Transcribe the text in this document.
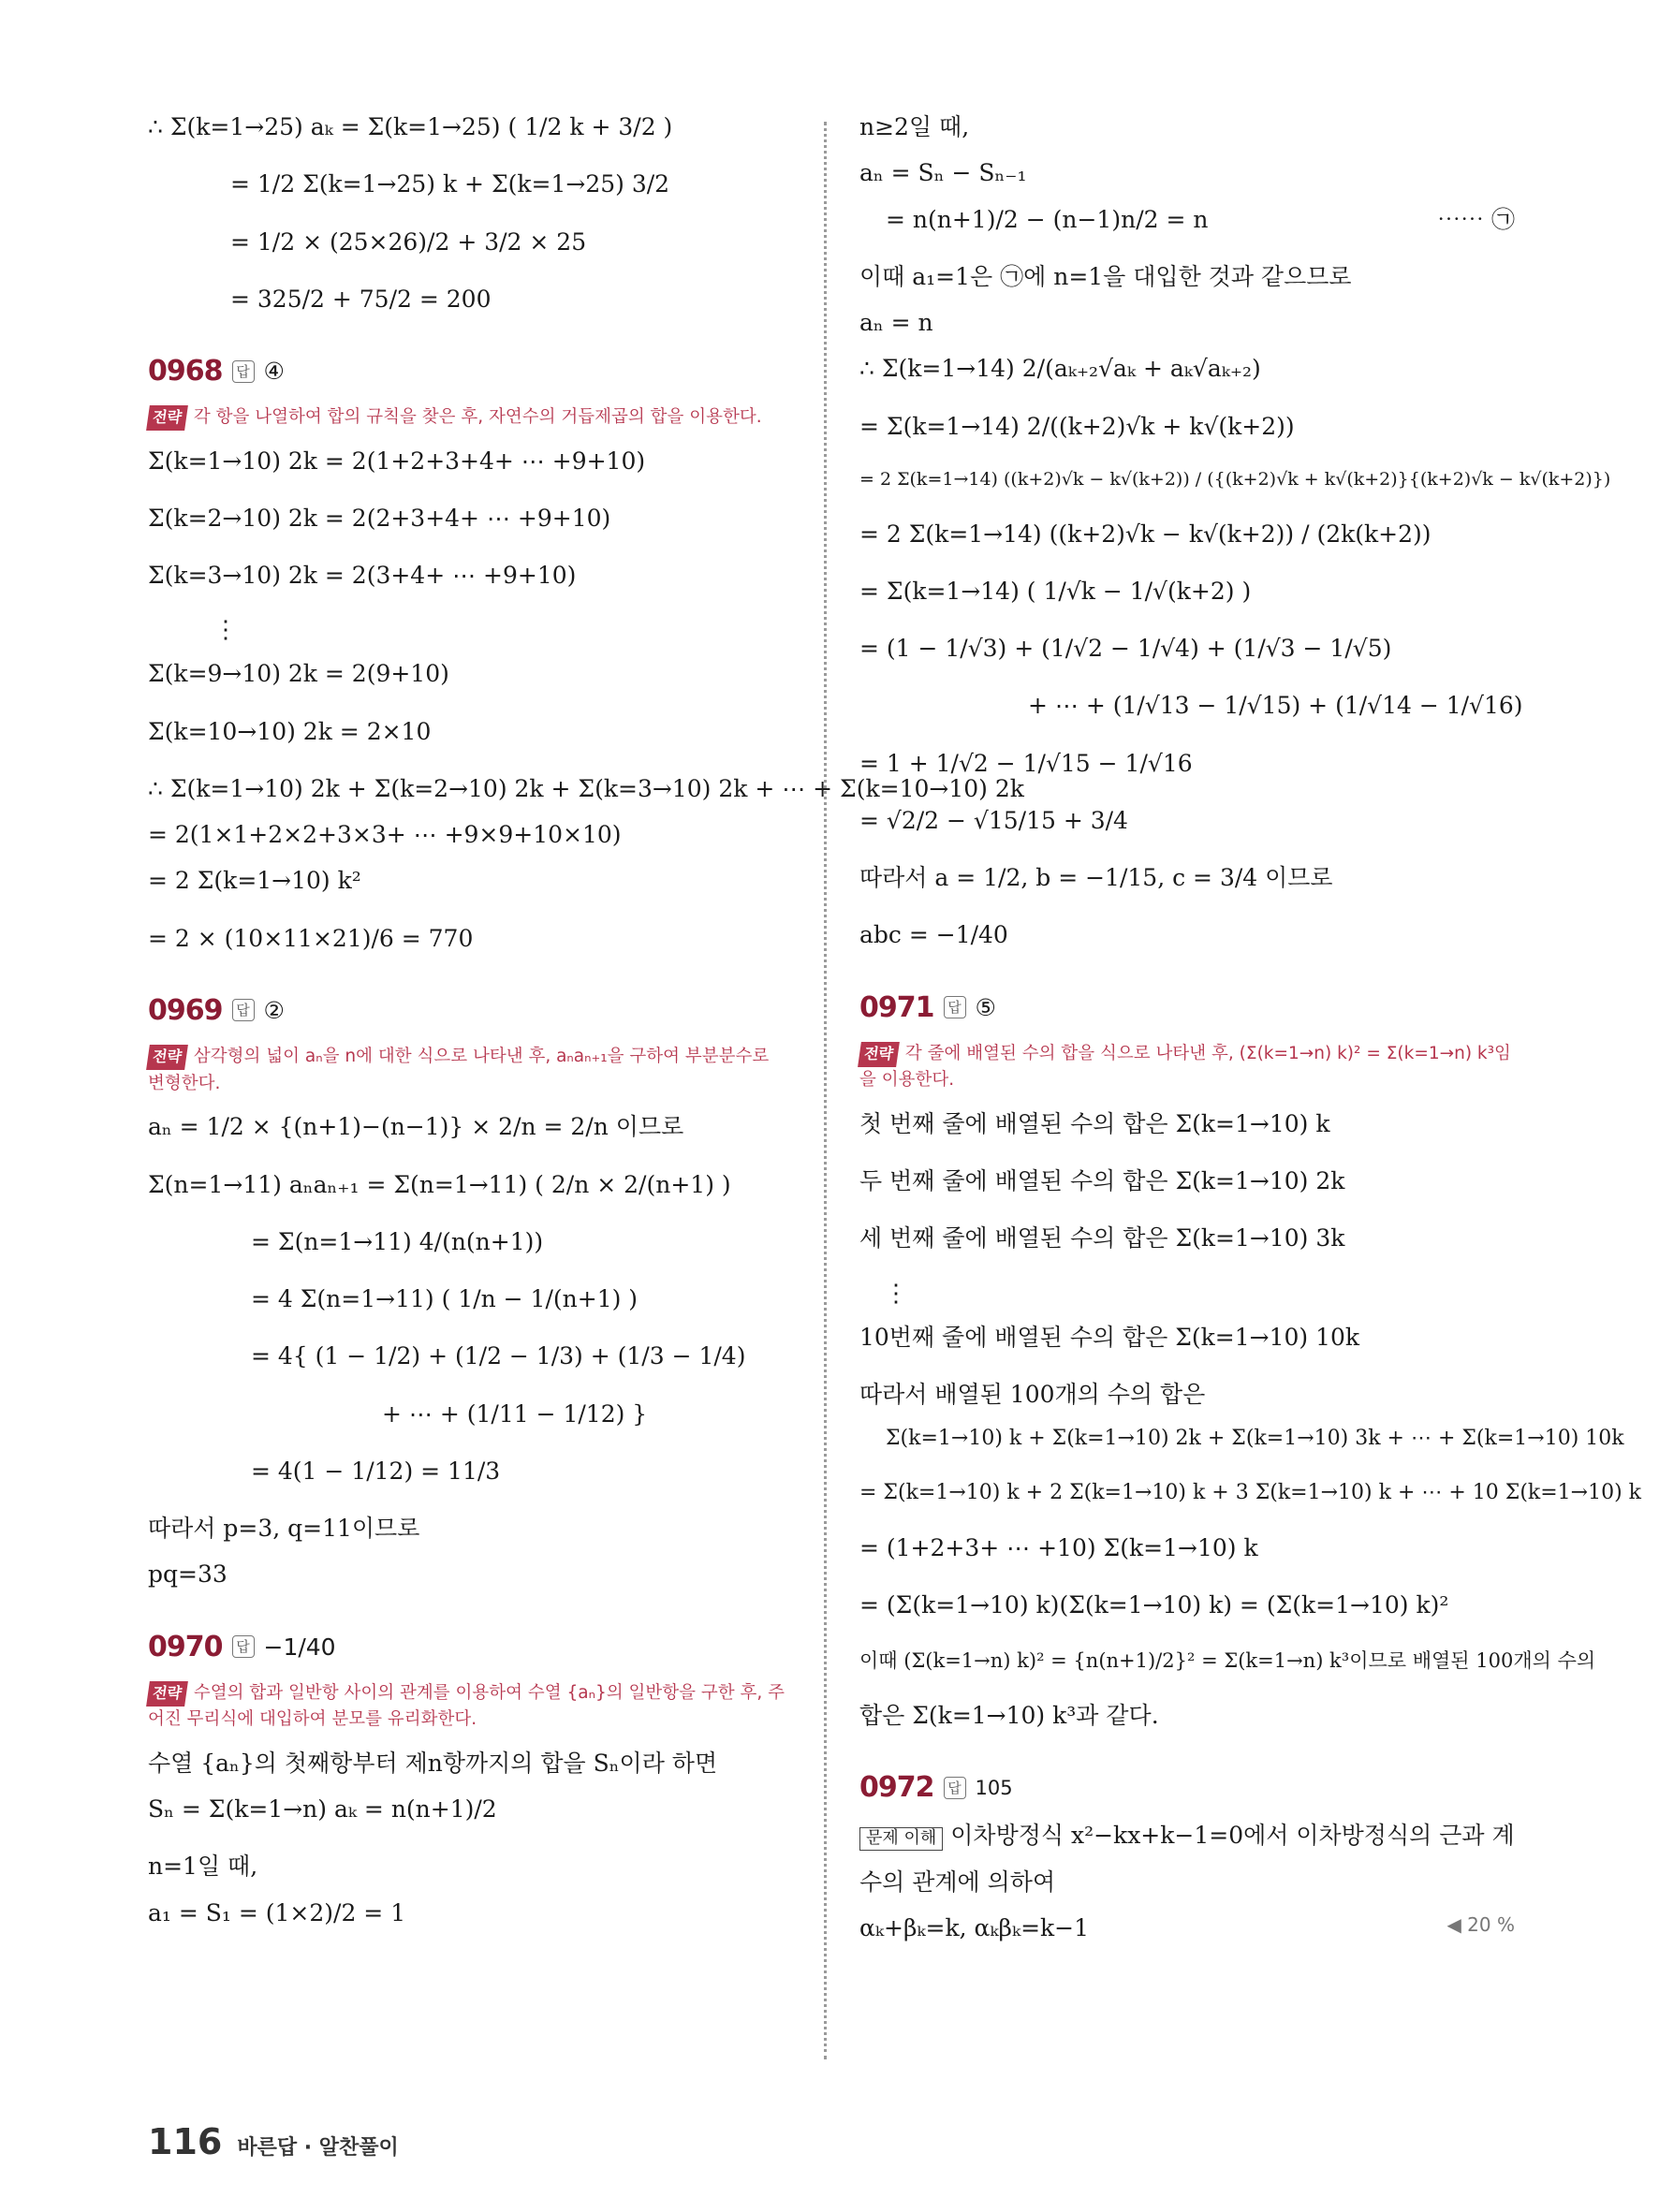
∴ Σ(k=1→25) aₖ = Σ(k=1→25) ( 1/2 k + 3/2 )
= 1/2 Σ(k=1→25) k + Σ(k=1→25) 3/2
= 1/2 × (25×26)/2 + 3/2 × 25
= 325/2 + 75/2 = 200
0968 답 ④
전략 각 항을 나열하여 합의 규칙을 찾은 후, 자연수의 거듭제곱의 합을 이용한다.
Σ(k=1→10) 2k = 2(1+2+3+4+ ⋯ +9+10)
Σ(k=2→10) 2k = 2(2+3+4+ ⋯ +9+10)
Σ(k=3→10) 2k = 2(3+4+ ⋯ +9+10)
⋮
Σ(k=9→10) 2k = 2(9+10)
Σ(k=10→10) 2k = 2×10
∴ Σ(k=1→10) 2k + Σ(k=2→10) 2k + Σ(k=3→10) 2k + ⋯ + Σ(k=10→10) 2k
= 2(1×1+2×2+3×3+ ⋯ +9×9+10×10)
= 2 Σ(k=1→10) k²
= 2 × (10×11×21)/6 = 770
0969 답 ②
전략 삼각형의 넓이 aₙ을 n에 대한 식으로 나타낸 후, aₙaₙ₊₁을 구하여 부분분수로 변형한다.
aₙ = 1/2 × {(n+1)−(n−1)} × 2/n = 2/n 이므로
Σ(n=1→11) aₙaₙ₊₁ = Σ(n=1→11) ( 2/n × 2/(n+1) )
= Σ(n=1→11) 4/(n(n+1))
= 4 Σ(n=1→11) ( 1/n − 1/(n+1) )
= 4{ (1 − 1/2) + (1/2 − 1/3) + (1/3 − 1/4)
+ ⋯ + (1/11 − 1/12) }
= 4(1 − 1/12) = 11/3
따라서 p=3, q=11이므로
pq=33
0970 답 −1/40
전략 수열의 합과 일반항 사이의 관계를 이용하여 수열 {aₙ}의 일반항을 구한 후, 주어진 무리식에 대입하여 분모를 유리화한다.
수열 {aₙ}의 첫째항부터 제n항까지의 합을 Sₙ이라 하면
Sₙ = Σ(k=1→n) aₖ = n(n+1)/2
n=1일 때,
a₁ = S₁ = (1×2)/2 = 1
n≥2일 때,
aₙ = Sₙ − Sₙ₋₁
= n(n+1)/2 − (n−1)n/2 = n	⋯⋯ ㉠
이때 a₁=1은 ㉠에 n=1을 대입한 것과 같으므로
aₙ = n
∴ Σ(k=1→14) 2/(aₖ₊₂√aₖ + aₖ√aₖ₊₂)
= Σ(k=1→14) 2/((k+2)√k + k√(k+2))
= 2 Σ(k=1→14) ((k+2)√k − k√(k+2)) / ({(k+2)√k + k√(k+2)}{(k+2)√k − k√(k+2)})
= 2 Σ(k=1→14) ((k+2)√k − k√(k+2)) / (2k(k+2))
= Σ(k=1→14) ( 1/√k − 1/√(k+2) )
= (1 − 1/√3) + (1/√2 − 1/√4) + (1/√3 − 1/√5)
+ ⋯ + (1/√13 − 1/√15) + (1/√14 − 1/√16)
= 1 + 1/√2 − 1/√15 − 1/√16
= √2/2 − √15/15 + 3/4
따라서 a = 1/2, b = −1/15, c = 3/4 이므로
abc = −1/40
0971 답 ⑤
전략 각 줄에 배열된 수의 합을 식으로 나타낸 후, (Σ(k=1→n) k)² = Σ(k=1→n) k³임을 이용한다.
첫 번째 줄에 배열된 수의 합은 Σ(k=1→10) k
두 번째 줄에 배열된 수의 합은 Σ(k=1→10) 2k
세 번째 줄에 배열된 수의 합은 Σ(k=1→10) 3k
⋮
10번째 줄에 배열된 수의 합은 Σ(k=1→10) 10k
따라서 배열된 100개의 수의 합은
Σ(k=1→10) k + Σ(k=1→10) 2k + Σ(k=1→10) 3k + ⋯ + Σ(k=1→10) 10k
= Σ(k=1→10) k + 2 Σ(k=1→10) k + 3 Σ(k=1→10) k + ⋯ + 10 Σ(k=1→10) k
= (1+2+3+ ⋯ +10) Σ(k=1→10) k
= (Σ(k=1→10) k)(Σ(k=1→10) k) = (Σ(k=1→10) k)²
이때 (Σ(k=1→n) k)² = {n(n+1)/2}² = Σ(k=1→n) k³이므로 배열된 100개의 수의
합은 Σ(k=1→10) k³과 같다.
0972 답 105
문제 이해 이차방정식 x²−kx+k−1=0에서 이차방정식의 근과 계
수의 관계에 의하여
αₖ+βₖ=k, αₖβₖ=k−1	◀ 20 %
116 바른답 · 알찬풀이
